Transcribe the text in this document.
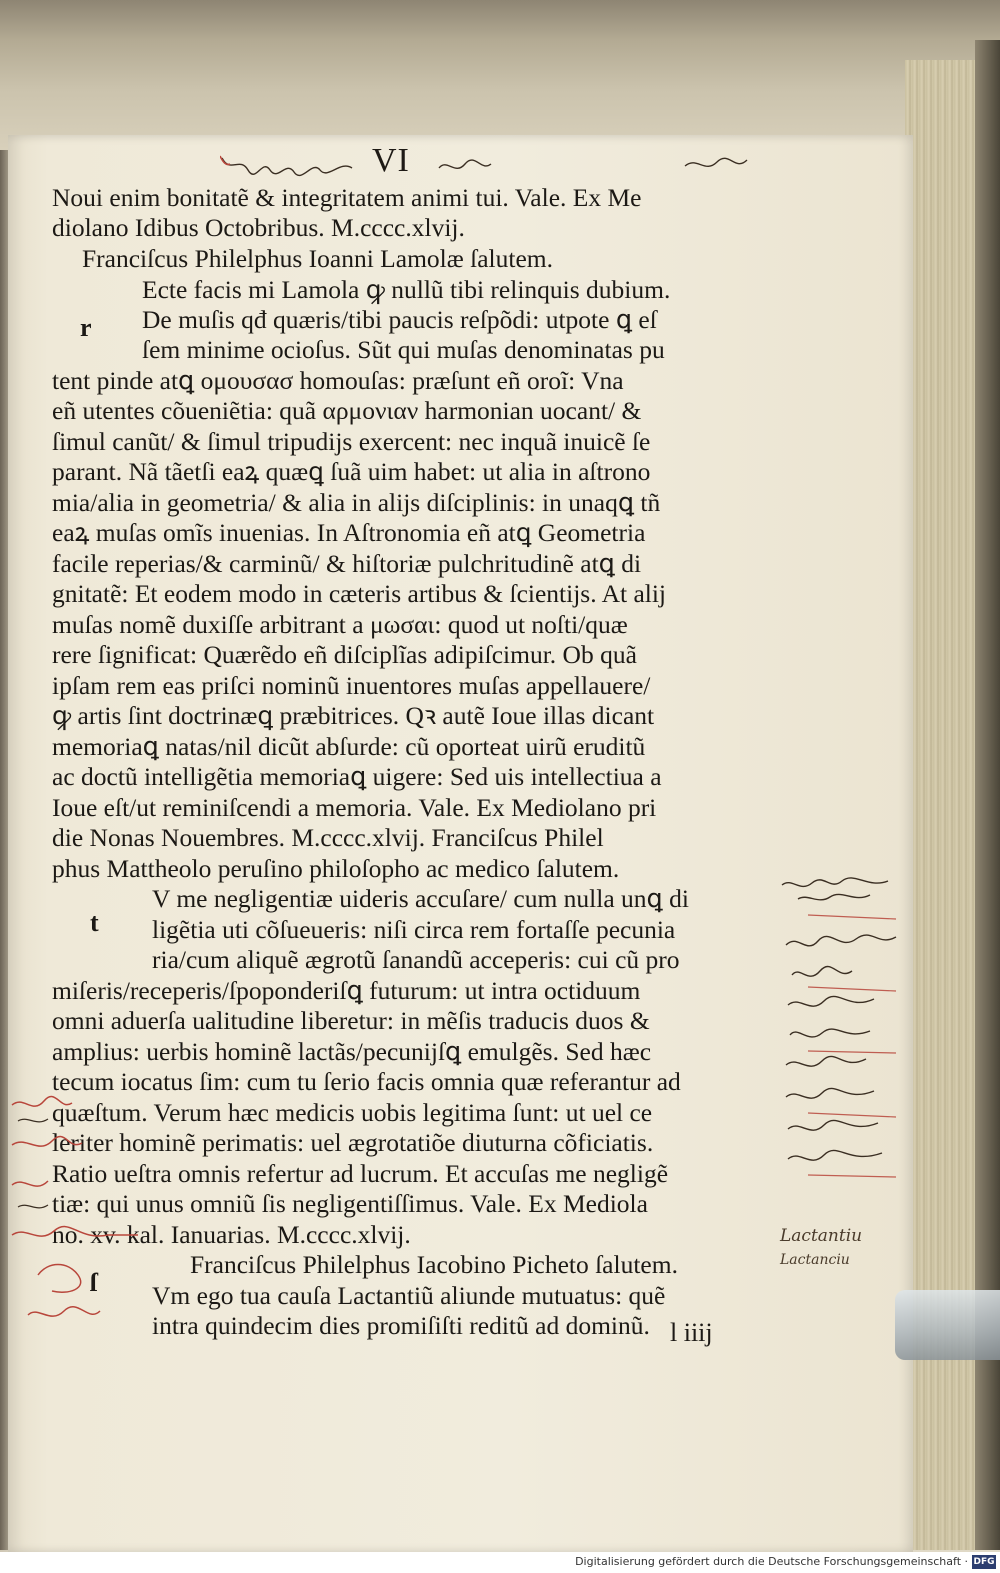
VI
Noui enim bonitatẽ & integritatem animi tui. Vale. Ex Me
diolano Idibus Octobribus. M.cccc.xlvij.
Franciſcus Philelphus Ioanni Lamolæ ſalutem.
Ecte facis mi Lamola ꝙ nullũ tibi relinquis dubium.
De muſis qđ quæris/tibi paucis reſpõdi: utpote ꝗ eſ
ſem minime ocioſus. Sũt qui muſas denominatas pu
tent pinde atꝗ ομουσασ homouſas: præſunt eñ oroĩ: Vna
eñ utentes cõueniẽtia: quã αρμονιαν harmonian uocant/ &
ſimul canũt/ & ſimul tripudijs exercent: nec inquã inuicẽ ſe
parant. Nã tãetſi eaꝝ quæꝗ ſuã uim habet: ut alia in aſtrono
mia/alia in geometria/ & alia in alijs diſciplinis: in unaqꝗ tñ
eaꝝ muſas omĩs inuenias. In Aſtronomia eñ atꝗ Geometria
facile reperias/& carminũ/ & hiſtoriæ pulchritudinẽ atꝗ di
gnitatẽ: Et eodem modo in cæteris artibus & ſcientijs. At alij
muſas nomẽ duxiſſe arbitrant a μωσαι: quod ut noſti/quæ
rere ſignificat: Quærẽdo eñ diſciplĩas adipiſcimur. Ob quã
ipſam rem eas priſci nominũ inuentores muſas appellauere/
ꝙ artis ſint doctrinæꝗ præbitrices. Qꝛ autẽ Ioue illas dicant
memoriaꝗ natas/nil dicũt abſurde: cũ oporteat uirũ eruditũ
ac doctũ intelligẽtia memoriaꝗ uigere: Sed uis intellectiua a
Ioue eſt/ut reminiſcendi a memoria. Vale. Ex Mediolano pri
die Nonas Nouembres. M.cccc.xlvij. Franciſcus Philel
phus Mattheolo peruſino philoſopho ac medico ſalutem.
V me negligentiæ uideris accuſare/ cum nulla unꝗ di
ligẽtia uti cõſueueris: niſi circa rem fortaſſe pecunia
ria/cum aliquẽ ægrotũ ſanandũ acceperis: cui cũ pro
miſeris/receperis/ſpoponderiſꝗ futurum: ut intra octiduum
omni aduerſa ualitudine liberetur: in mẽſis traducis duos &
amplius: uerbis hominẽ lactãs/pecunijſꝗ emulgẽs. Sed hæc
tecum iocatus ſim: cum tu ſerio facis omnia quæ referantur ad
quæſtum. Verum hæc medicis uobis legitima ſunt: ut uel ce
leriter hominẽ perimatis: uel ægrotatiõe diuturna cõficiatis.
Ratio ueſtra omnis refertur ad lucrum. Et accuſas me negligẽ
tiæ: qui unus omniũ ſis negligentiſſimus. Vale. Ex Mediola
no. xv. kal. Ianuarias. M.cccc.xlvij.
Franciſcus Philelphus Iacobino Picheto ſalutem.
Vm ego tua cauſa Lactantiũ aliunde mutuatus: quẽ
intra quindecim dies promiſiſti reditũ ad dominũ.
r
t
ſ
l iiij
Lactantiu
Lactanciu
Digitalisierung gefördert durch die Deutsche Forschungsgemeinschaft · DFG
